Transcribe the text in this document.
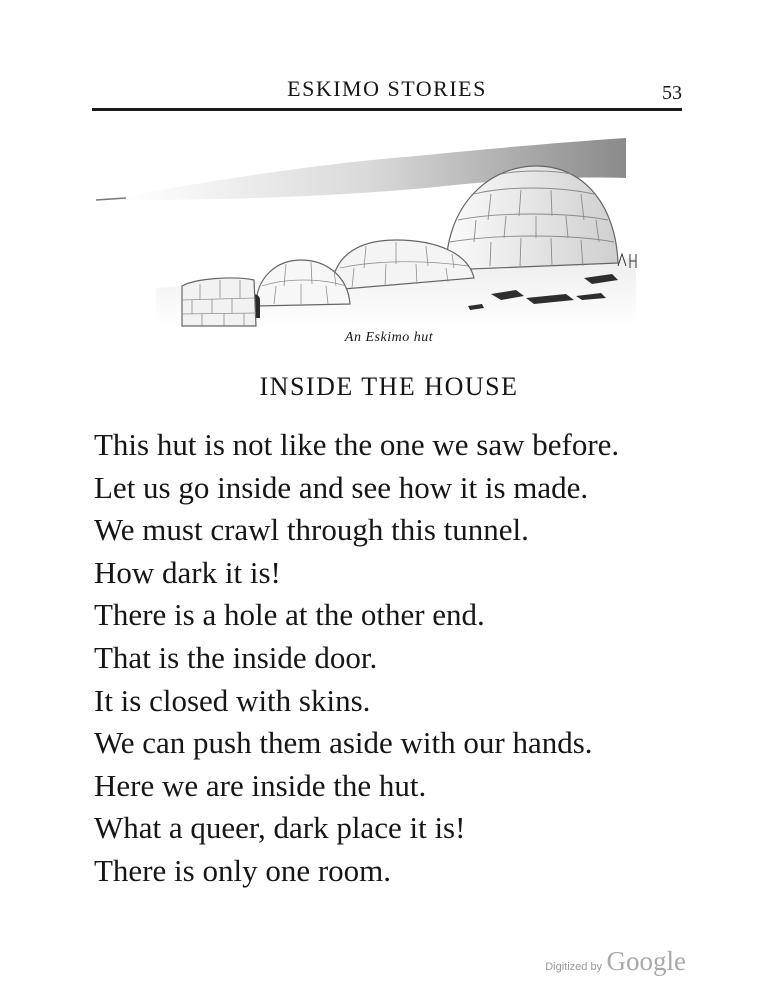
ESKIMO STORIES	53
An Eskimo hut
INSIDE THE HOUSE
This hut is not like the one we saw before.
Let us go inside and see how it is made.
We must crawl through this tunnel.
How dark it is!
There is a hole at the other end.
That is the inside door.
It is closed with skins.
We can push them aside with our hands.
Here we are inside the hut.
What a queer, dark place it is!
There is only one room.
Digitized by Google
